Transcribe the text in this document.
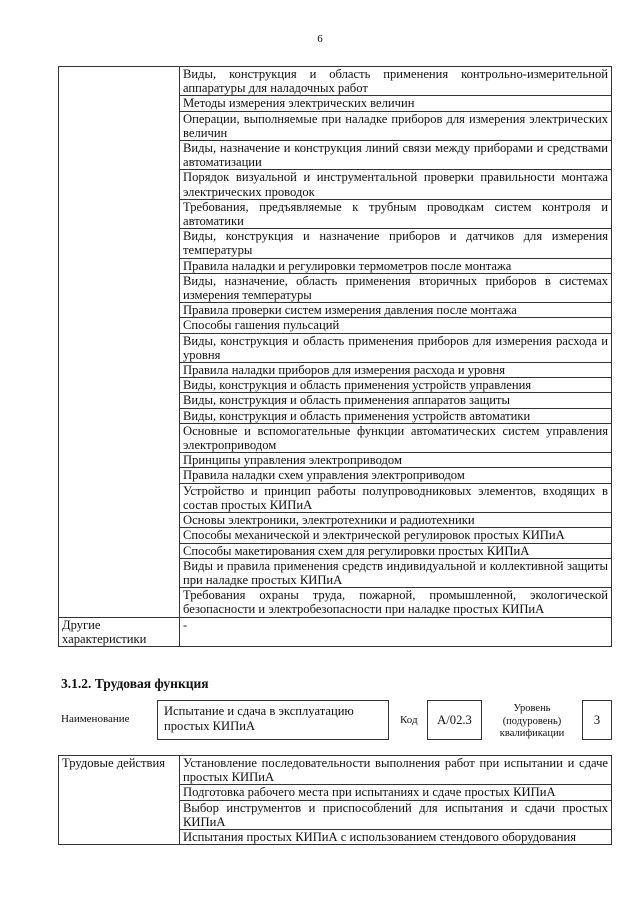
6
	Виды, конструкция и область применения контрольно-измерительной аппаратуры для наладочных работ
	Методы измерения электрических величин
	Операции, выполняемые при наладке приборов для измерения электрических величин
	Виды, назначение и конструкция линий связи между приборами и средствами автоматизации
	Порядок визуальной и инструментальной проверки правильности монтажа электрических проводок
	Требования, предъявляемые к трубным проводкам систем контроля и автоматики
	Виды, конструкция и назначение приборов и датчиков для измерения температуры
	Правила наладки и регулировки термометров после монтажа
	Виды, назначение, область применения вторичных приборов в системах измерения температуры
	Правила проверки систем измерения давления после монтажа
	Способы гашения пульсаций
	Виды, конструкция и область применения приборов для измерения расхода и уровня
	Правила наладки приборов для измерения расхода и уровня
	Виды, конструкция и область применения устройств управления
	Виды, конструкция и область применения аппаратов защиты
	Виды, конструкция и область применения устройств автоматики
	Основные и вспомогательные функции автоматических систем управления электроприводом
	Принципы управления электроприводом
	Правила наладки схем управления электроприводом
	Устройство и принцип работы полупроводниковых элементов, входящих в состав простых КИПиА
	Основы электроники, электротехники и радиотехники
	Способы механической и электрической регулировок простых КИПиА
	Способы макетирования схем для регулировки простых КИПиА
	Виды и правила применения средств индивидуальной и коллективной защиты при наладке простых КИПиА
	Требования охраны труда, пожарной, промышленной, экологической безопасности и электробезопасности при наладке простых КИПиА
Другие характеристики	-
3.1.2. Трудовая функция
Наименование
Испытание и сдача в эксплуатацию простых КИПиА	Код	А/02.3
Уровень (подуровень) квалификации
3
Трудовые действия	Установление последовательности выполнения работ при испытании и сдаче простых КИПиА
Подготовка рабочего места при испытаниях и сдаче простых КИПиА
Выбор инструментов и приспособлений для испытания и сдачи простых КИПиА
Испытания простых КИПиА с использованием стендового оборудования
